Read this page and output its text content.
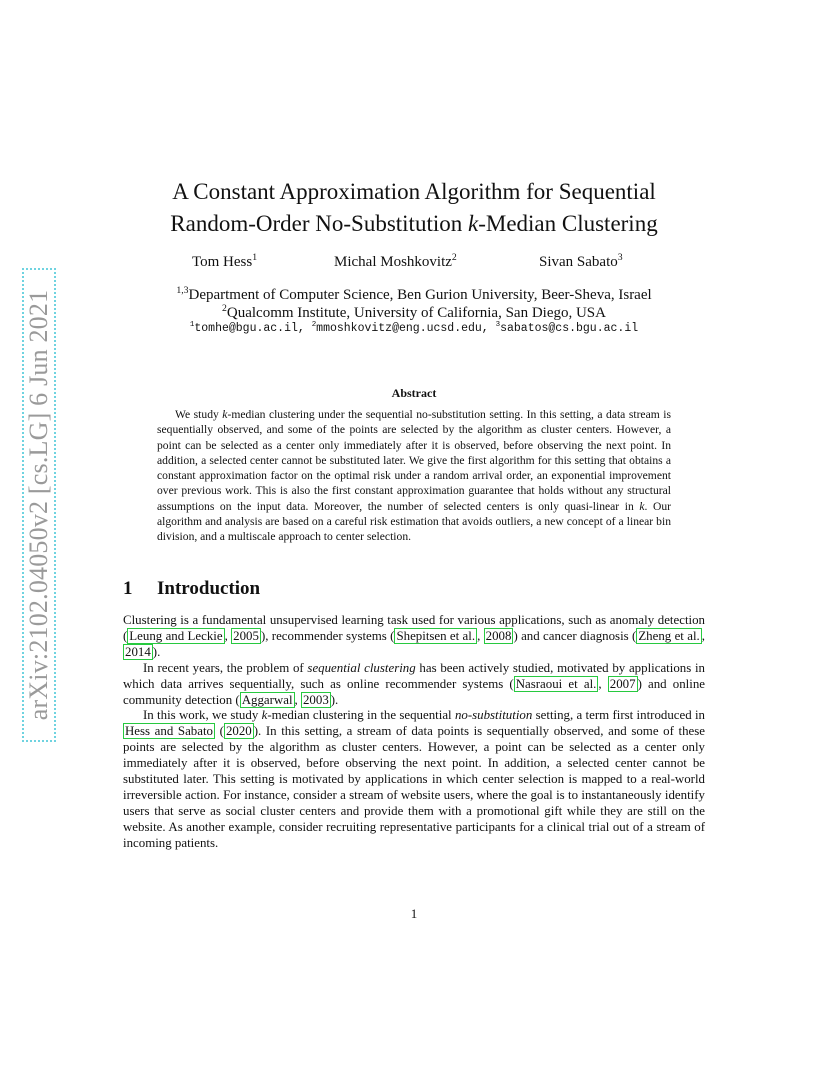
arXiv:2102.04050v2 [cs.LG] 6 Jun 2021
A Constant Approximation Algorithm for Sequential
Random-Order No-Substitution k-Median Clustering
Tom Hess$^1$	Michal Moshkovitz$^2$	Sivan Sabato$^3$
$^{1,3}$Department of Computer Science, Ben Gurion University, Beer-Sheva, Israel
$^2$Qualcomm Institute, University of California, San Diego, USA
$^1$tomhe@bgu.ac.il, $^2$mmoshkovitz@eng.ucsd.edu, $^3$sabatos@cs.bgu.ac.il
Abstract
We study k-median clustering under the sequential no-substitution setting. In this setting, a data stream is sequentially observed, and some of the points are selected by the algorithm as cluster centers. However, a point can be selected as a center only immediately after it is observed, before observing the next point. In addition, a selected center cannot be substituted later. We give the first algorithm for this setting that obtains a constant approximation factor on the optimal risk under a random arrival order, an exponential improvement over previous work. This is also the first constant approximation guarantee that holds without any structural assumptions on the input data. Moreover, the number of selected centers is only quasi-linear in k. Our algorithm and analysis are based on a careful risk estimation that avoids outliers, a new concept of a linear bin division, and a multiscale approach to center selection.
1 Introduction

Clustering is a fundamental unsupervised learning task used for various applications, such as anomaly detection ( Leung and Leckie , 2005 ), recommender systems ( Shepitsen et al. , 2008 ) and cancer diagnosis ( Zheng et al. , 2014 ).

In recent years, the problem of sequential clustering has been actively studied, motivated by applications in which data arrives sequentially, such as online recommender systems ( Nasraoui et al. , 2007 ) and online community detection ( Aggarwal , 2003 ).

In this work, we study k-median clustering in the sequential no-substitution setting, a term first introduced in Hess and Sabato ( 2020 ). In this setting, a stream of data points is sequentially observed, and some of these points are selected by the algorithm as cluster centers. However, a point can be selected as a center only immediately after it is observed, before observing the next point. In addition, a selected center cannot be substituted later. This setting is motivated by applications in which center selection is mapped to a real-world irreversible action. For instance, consider a stream of website users, where the goal is to instantaneously identify users that serve as social cluster centers and provide them with a promotional gift while they are still on the website. As another example, consider recruiting representative participants for a clinical trial out of a stream of incoming patients.

1
